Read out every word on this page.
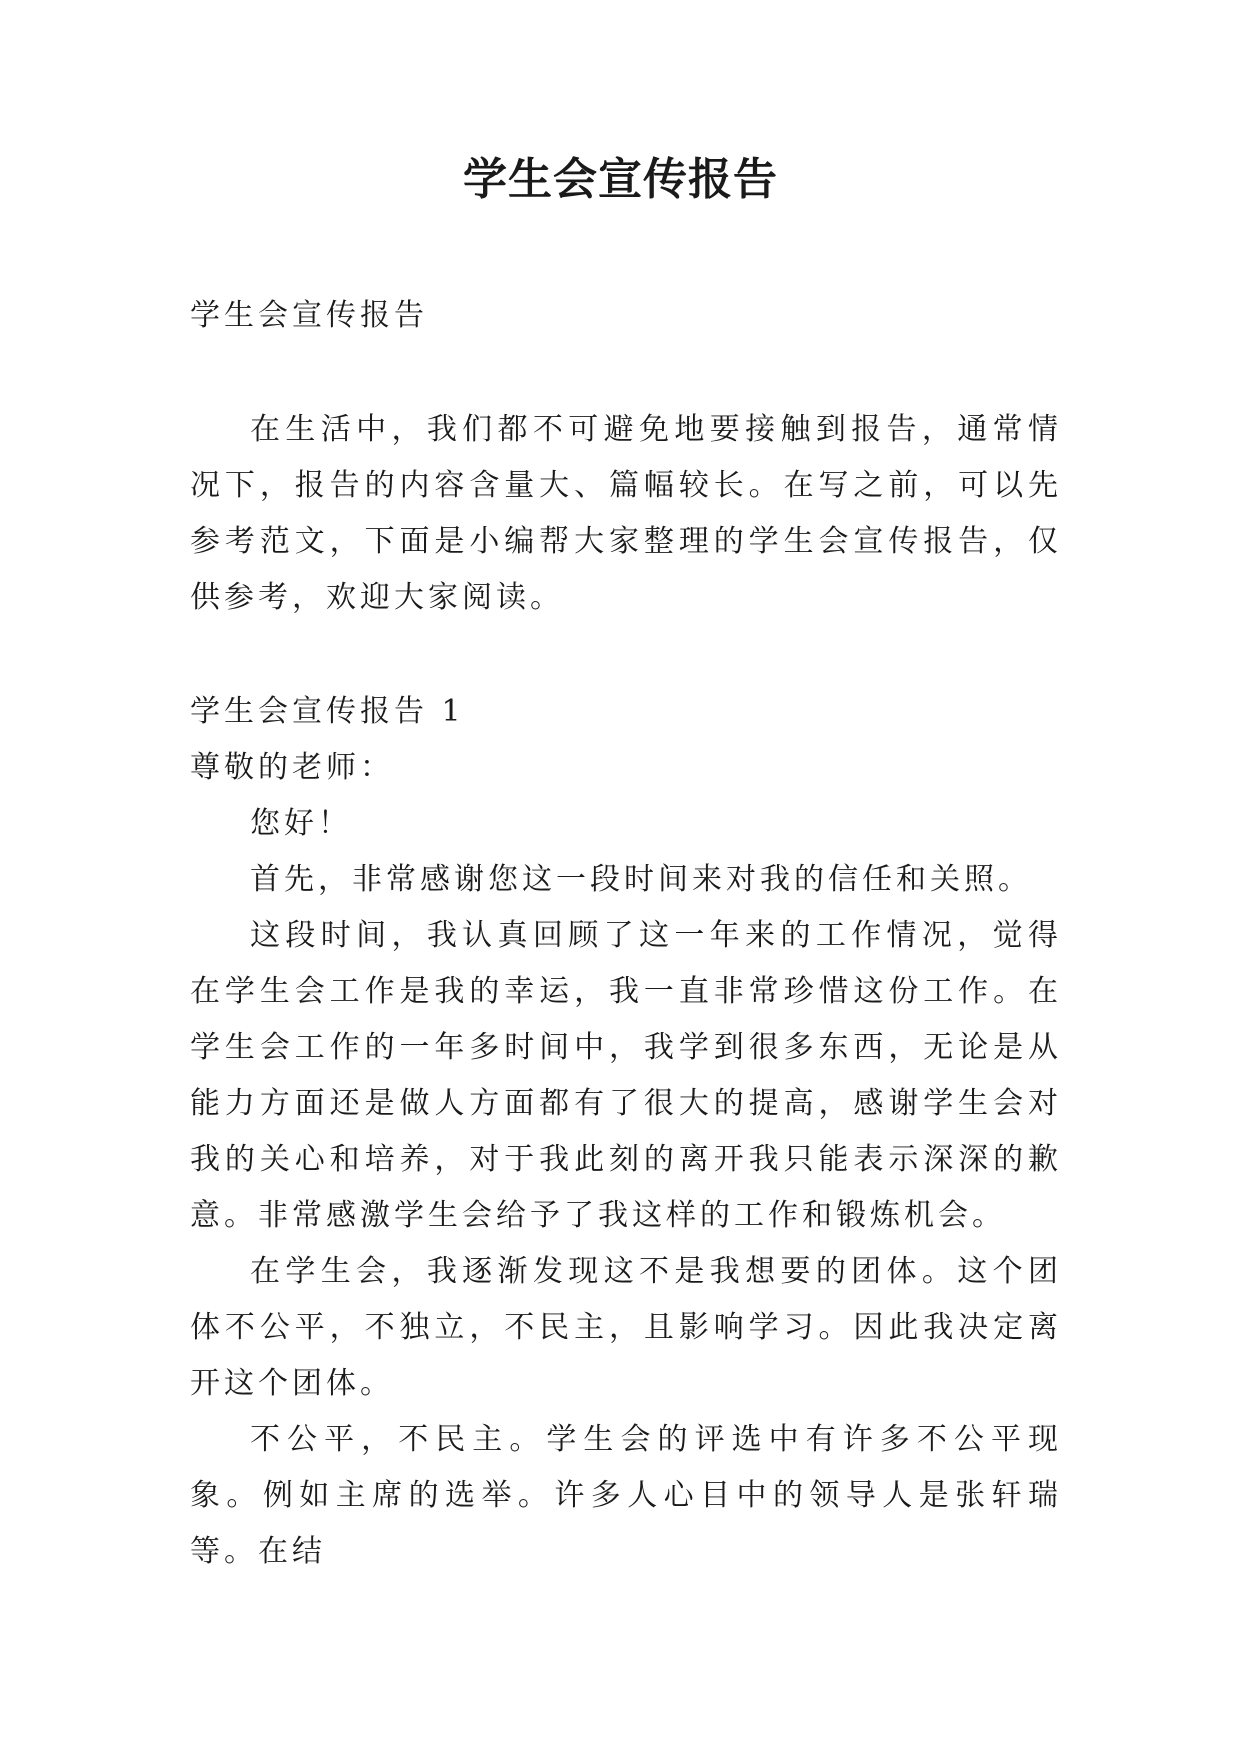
学生会宣传报告

学生会宣传报告

在生活中，我们都不可避免地要接触到报告，通常情况下，报告的内容含量大、篇幅较长。在写之前，可以先参考范文，下面是小编帮大家整理的学生会宣传报告，仅供参考，欢迎大家阅读。

学生会宣传报告 1

尊敬的老师：

您好！

首先，非常感谢您这一段时间来对我的信任和关照。

这段时间，我认真回顾了这一年来的工作情况，觉得在学生会工作是我的幸运，我一直非常珍惜这份工作。在学生会工作的一年多时间中，我学到很多东西，无论是从能力方面还是做人方面都有了很大的提高，感谢学生会对我的关心和培养，对于我此刻的离开我只能表示深深的歉意。非常感激学生会给予了我这样的工作和锻炼机会。

在学生会，我逐渐发现这不是我想要的团体。这个团体不公平，不独立，不民主，且影响学习。因此我决定离开这个团体。

不公平，不民主。学生会的评选中有许多不公平现象。例如主席的选举。许多人心目中的领导人是张轩瑞等。在结
